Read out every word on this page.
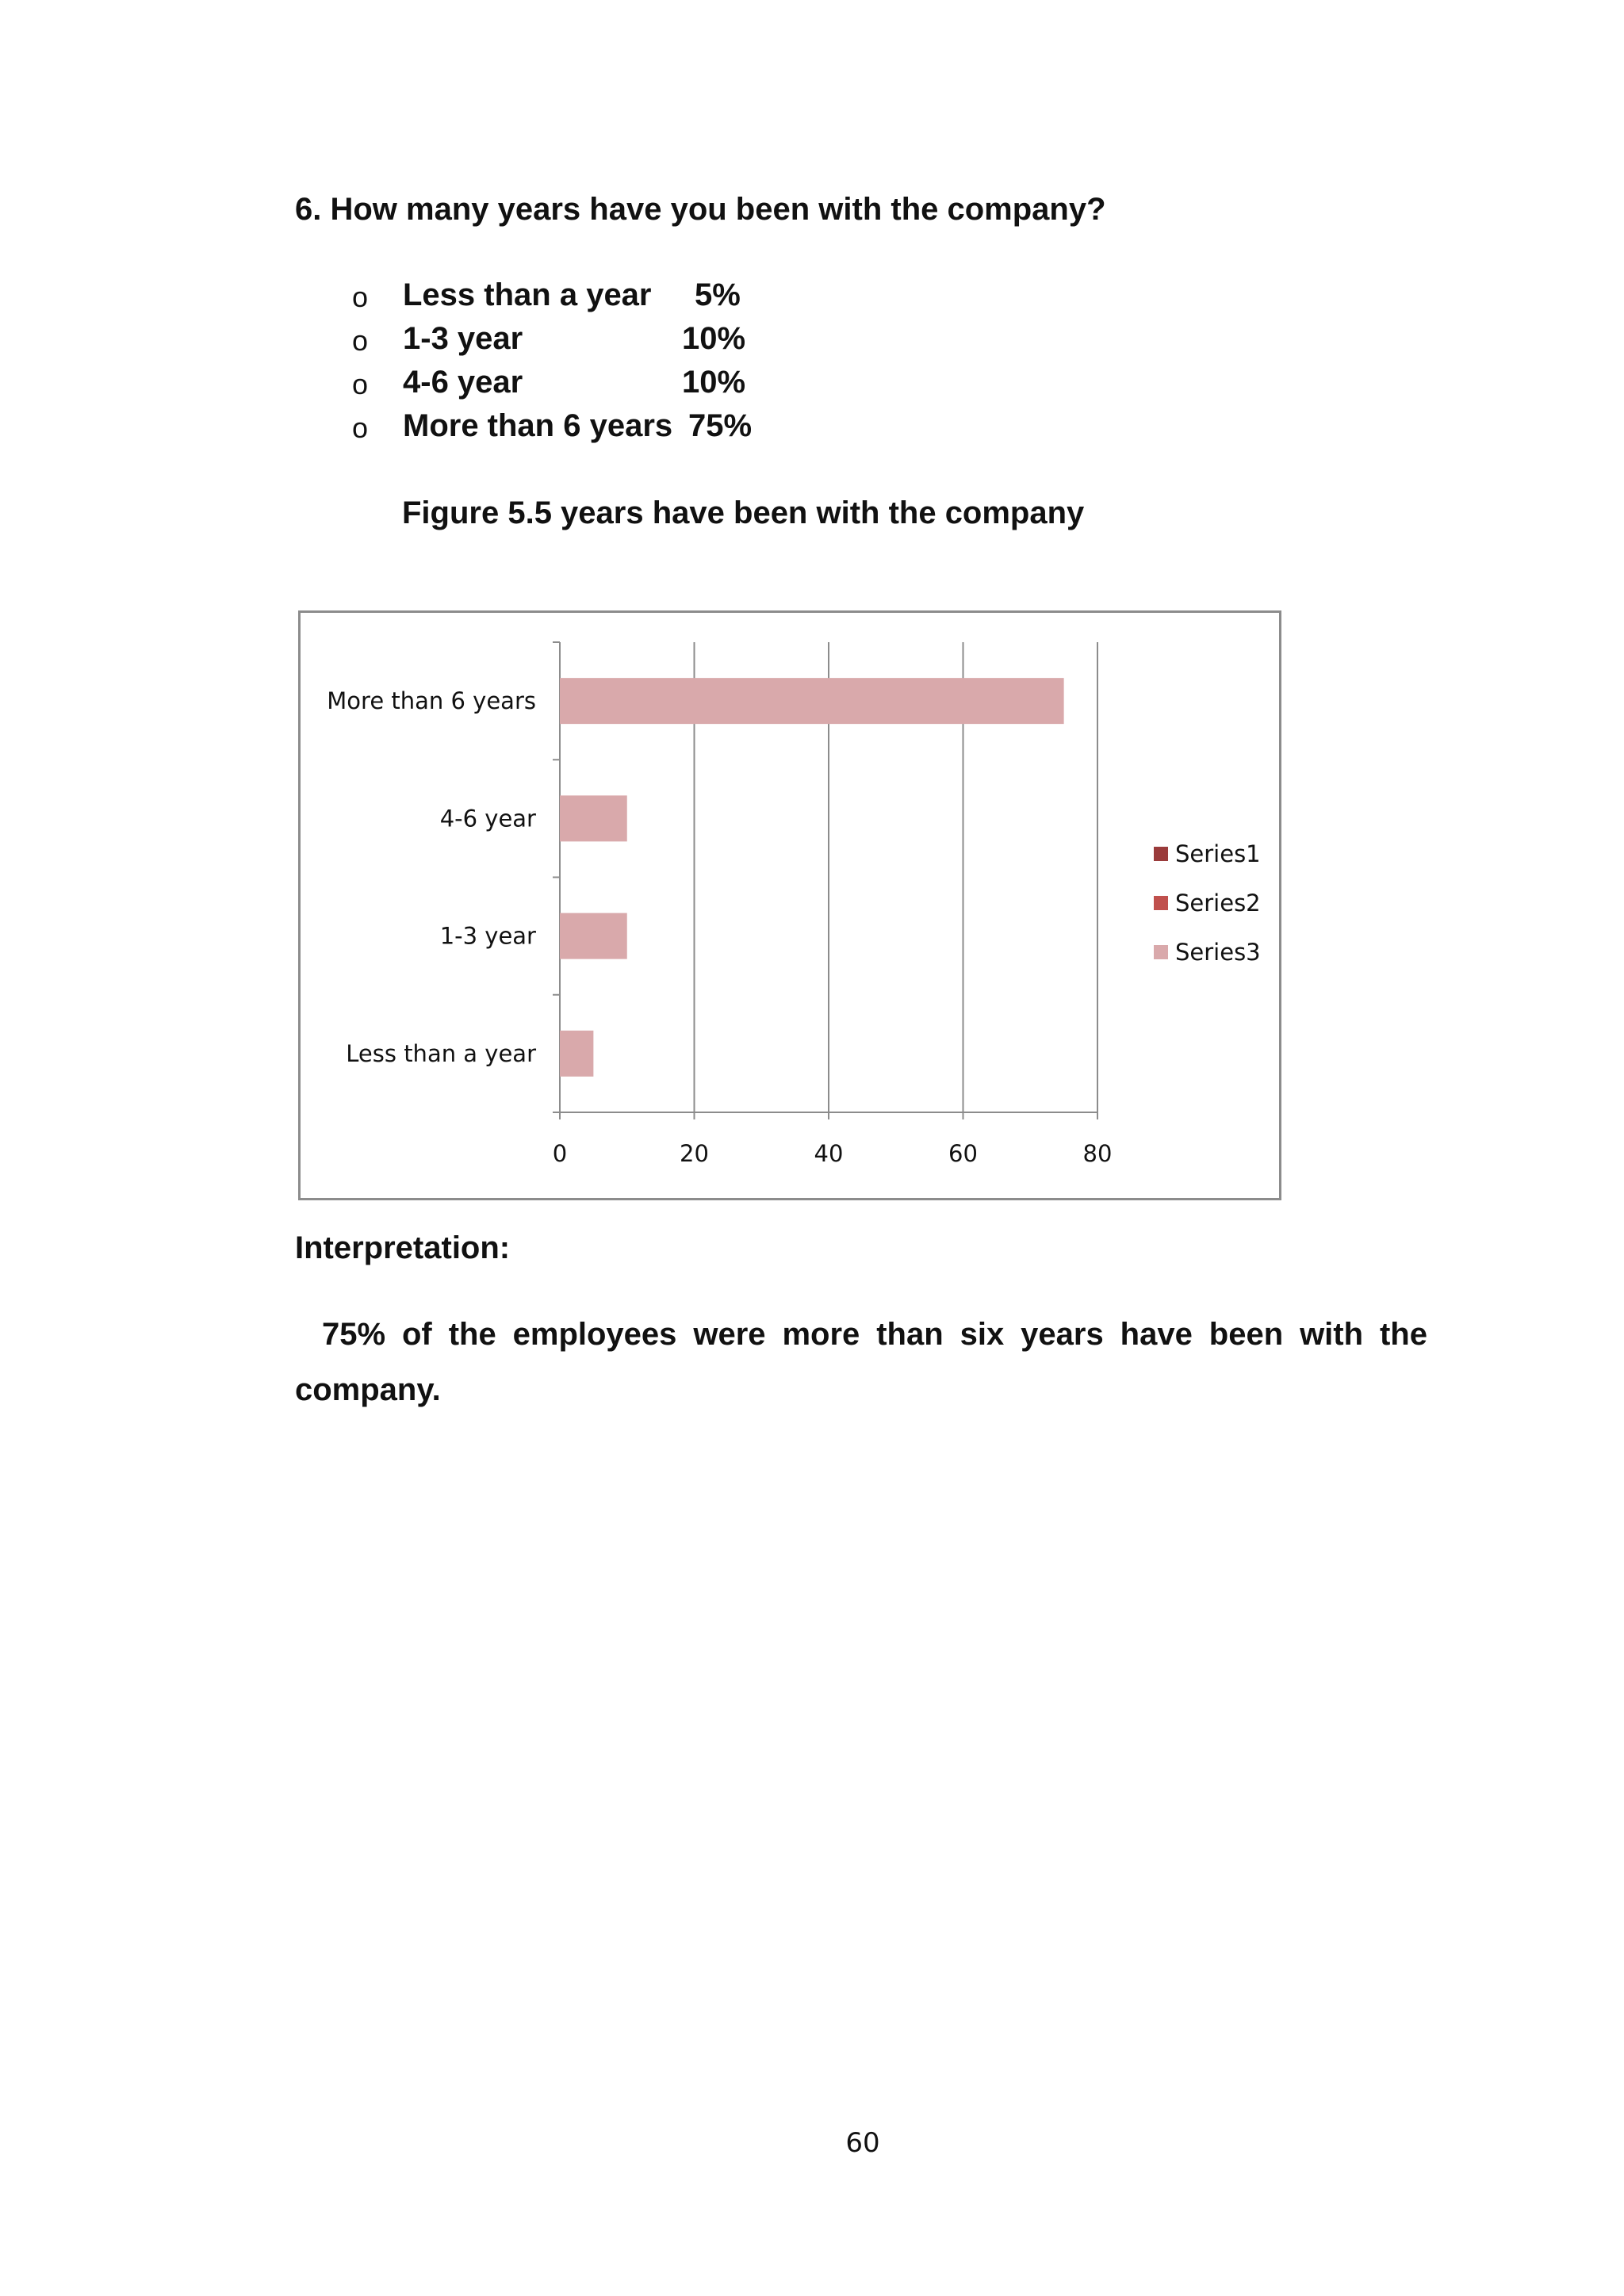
6. How many years have you been with the company?
o Less than a year 5%
o 1-3 year	10%
o 4-6 year	10%
o More than 6 years 75%
Figure 5.5 years have been with the company
0	20	40	60	80
Less than a year
1-3 year
4-6 year
More than 6 years
Series1
Series2
Series3
Interpretation:

75% of the employees were more than six years have been with the company.

60
